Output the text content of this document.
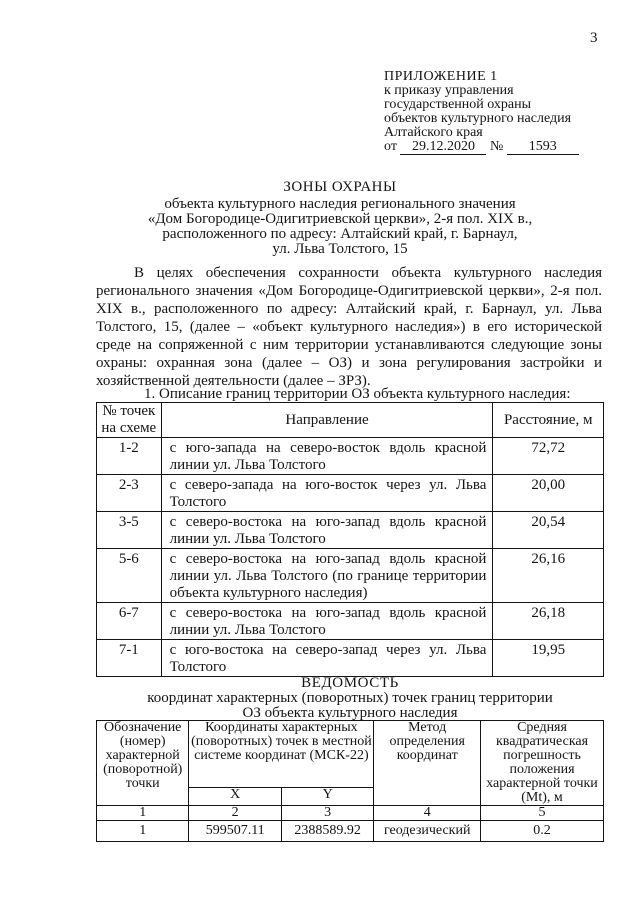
3
ПРИЛОЖЕНИЕ 1
к приказу управления
государственной охраны
объектов культурного наследия
Алтайского края
от 29.12.2020 № 1593
ЗОНЫ ОХРАНЫ
объекта культурного наследия регионального значения
«Дом Богородице-Одигитриевской церкви», 2-я пол. XIX в.,
расположенного по адресу: Алтайский край, г. Барнаул,
ул. Льва Толстого, 15

В целях обеспечения сохранности объекта культурного наследия регионального значения «Дом Богородице-Одигитриевской церкви», 2-я пол. XIX в., расположенного по адресу: Алтайский край, г. Барнаул, ул. Льва Толстого, 15, (далее – «объект культурного наследия») в его исторической среде на сопряженной с ним территории устанавливаются следующие зоны охраны: охранная зона (далее – ОЗ) и зона регулирования застройки и хозяйственной деятельности (далее – ЗРЗ).

1. Описание границ территории ОЗ объекта культурного наследия:
№ точек на схеме	Направление	Расстояние, м
1-2	с юго-запада на северо-восток вдоль красной линии ул. Льва Толстого	72,72
2-3	с северо-запада на юго-восток через ул. Льва Толстого	20,00
3-5	с северо-востока на юго-запад вдоль красной линии ул. Льва Толстого	20,54
5-6	с северо-востока на юго-запад вдоль красной линии ул. Льва Толстого (по границе территории объекта культурного наследия)	26,16
6-7	с северо-востока на юго-запад вдоль красной линии ул. Льва Толстого	26,18
7-1	с юго-востока на северо-запад через ул. Льва Толстого	19,95
ВЕДОМОСТЬ
координат характерных (поворотных) точек границ территории
ОЗ объекта культурного наследия
Обозначение (номер) характерной (поворотной) точки	Координаты характерных (поворотных) точек в местной системе координат (МСК-22)		Метод определения координат	Средняя квадратическая погрешность положения характерной точки (Mt), м
	X	Y		
1	2	3	4	5
1	599507.11	2388589.92	геодезический	0.2
